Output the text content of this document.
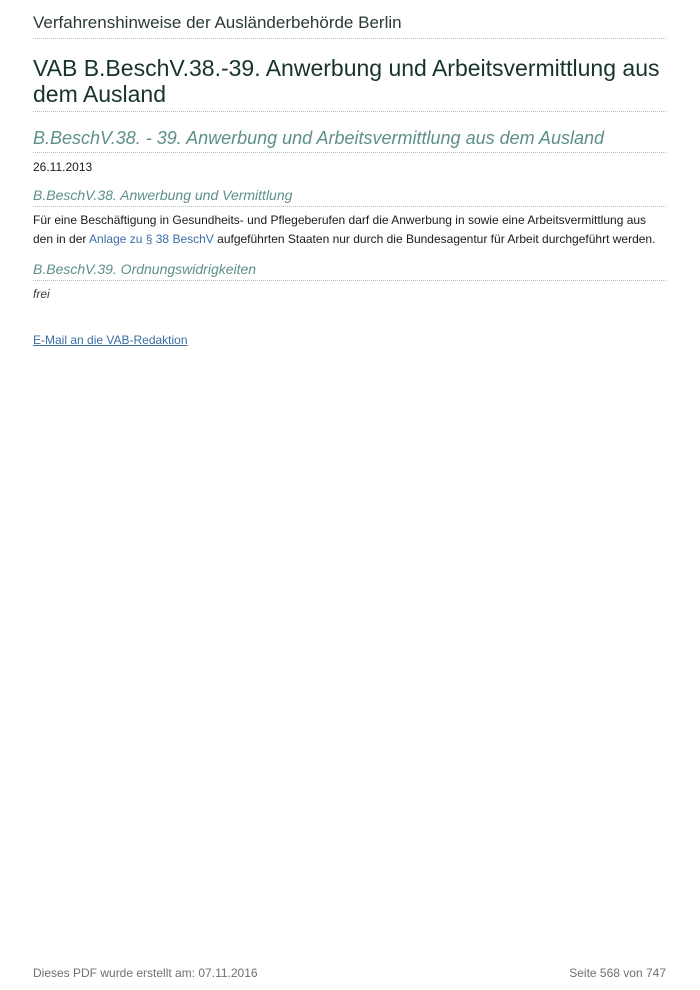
Verfahrenshinweise der Ausländerbehörde Berlin
VAB B.BeschV.38.-39. Anwerbung und Arbeitsvermittlung aus dem Ausland
B.BeschV.38. - 39. Anwerbung und Arbeitsvermittlung aus dem Ausland
26.11.2013
B.BeschV.38. Anwerbung und Vermittlung
Für eine Beschäftigung in Gesundheits- und Pflegeberufen darf die Anwerbung in sowie eine Arbeitsvermittlung aus den in der Anlage zu § 38 BeschV aufgeführten Staaten nur durch die Bundesagentur für Arbeit durchgeführt werden.
B.BeschV.39. Ordnungswidrigkeiten
frei
E-Mail an die VAB-Redaktion
Dieses PDF wurde erstellt am: 07.11.2016	Seite 568 von 747
